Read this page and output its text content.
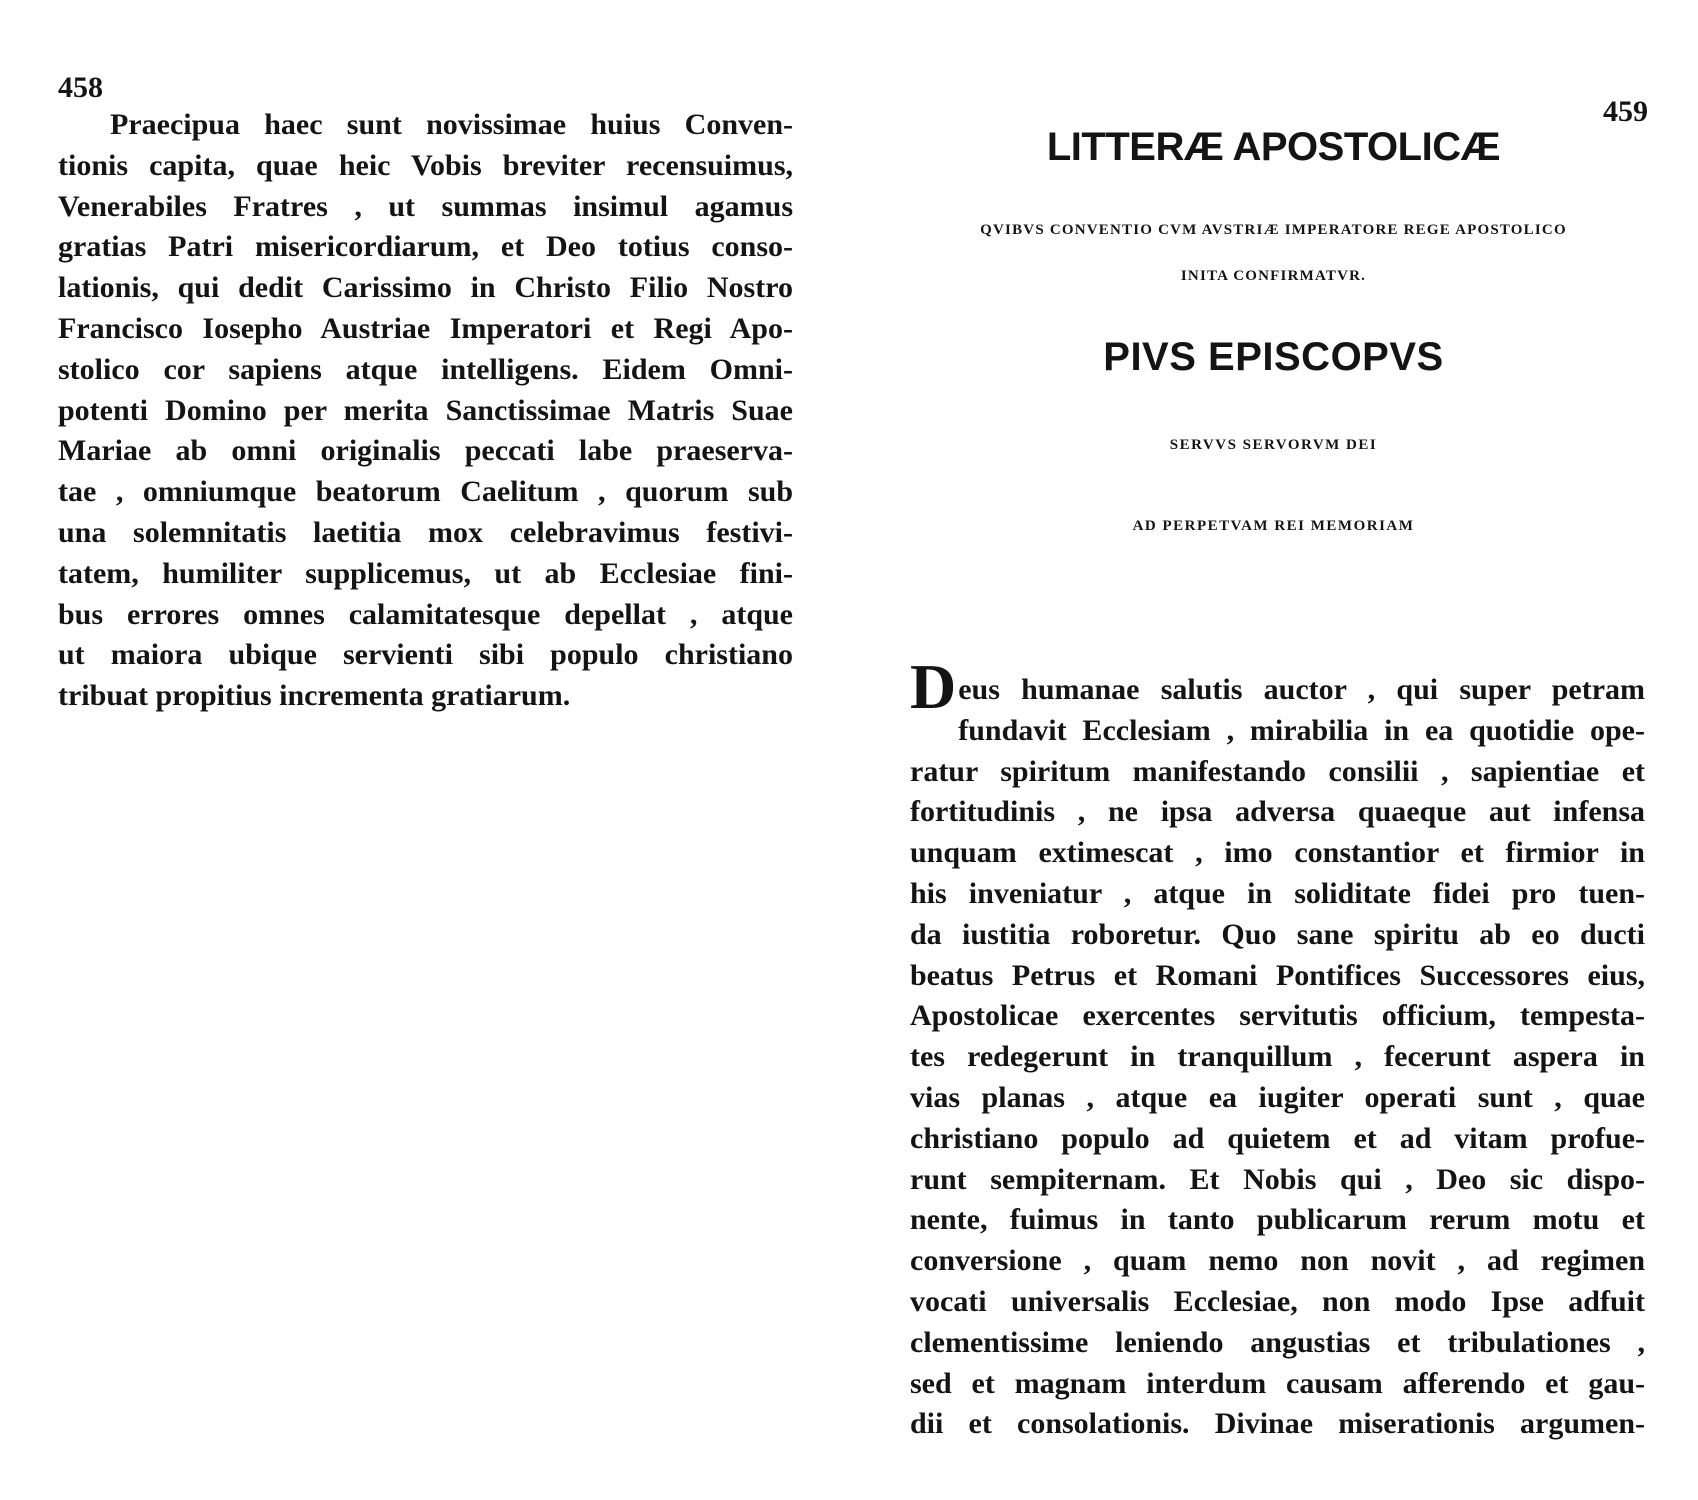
458
Praecipua haec sunt novissimae huius Conven-
tionis capita, quae heic Vobis breviter recensuimus,
Venerabiles Fratres , ut summas insimul agamus
gratias Patri misericordiarum, et Deo totius conso-
lationis, qui dedit Carissimo in Christo Filio Nostro
Francisco Iosepho Austriae Imperatori et Regi Apo-
stolico cor sapiens atque intelligens. Eidem Omni-
potenti Domino per merita Sanctissimae Matris Suae
Mariae ab omni originalis peccati labe praeserva-
tae , omniumque beatorum Caelitum , quorum sub
una solemnitatis laetitia mox celebravimus festivi-
tatem, humiliter supplicemus, ut ab Ecclesiae fini-
bus errores omnes calamitatesque depellat , atque
ut maiora ubique servienti sibi populo christiano
tribuat propitius incrementa gratiarum.
459
LITTERÆ APOSTOLICÆ
QVIBVS CONVENTIO CVM AVSTRIÆ IMPERATORE REGE APOSTOLICO
INITA CONFIRMATVR.
PIVS EPISCOPVS
SERVVS SERVORVM DEI
AD PERPETVAM REI MEMORIAM
D eus humanae salutis auctor , qui super petram
fundavit Ecclesiam , mirabilia in ea quotidie ope-
ratur spiritum manifestando consilii , sapientiae et
fortitudinis , ne ipsa adversa quaeque aut infensa
unquam extimescat , imo constantior et firmior in
his inveniatur , atque in soliditate fidei pro tuen-
da iustitia roboretur. Quo sane spiritu ab eo ducti
beatus Petrus et Romani Pontifices Successores eius,
Apostolicae exercentes servitutis officium, tempesta-
tes redegerunt in tranquillum , fecerunt aspera in
vias planas , atque ea iugiter operati sunt , quae
christiano populo ad quietem et ad vitam profue-
runt sempiternam. Et Nobis qui , Deo sic dispo-
nente, fuimus in tanto publicarum rerum motu et
conversione , quam nemo non novit , ad regimen
vocati universalis Ecclesiae, non modo Ipse adfuit
clementissime leniendo angustias et tribulationes ,
sed et magnam interdum causam afferendo et gau-
dii et consolationis. Divinae miserationis argumen-
